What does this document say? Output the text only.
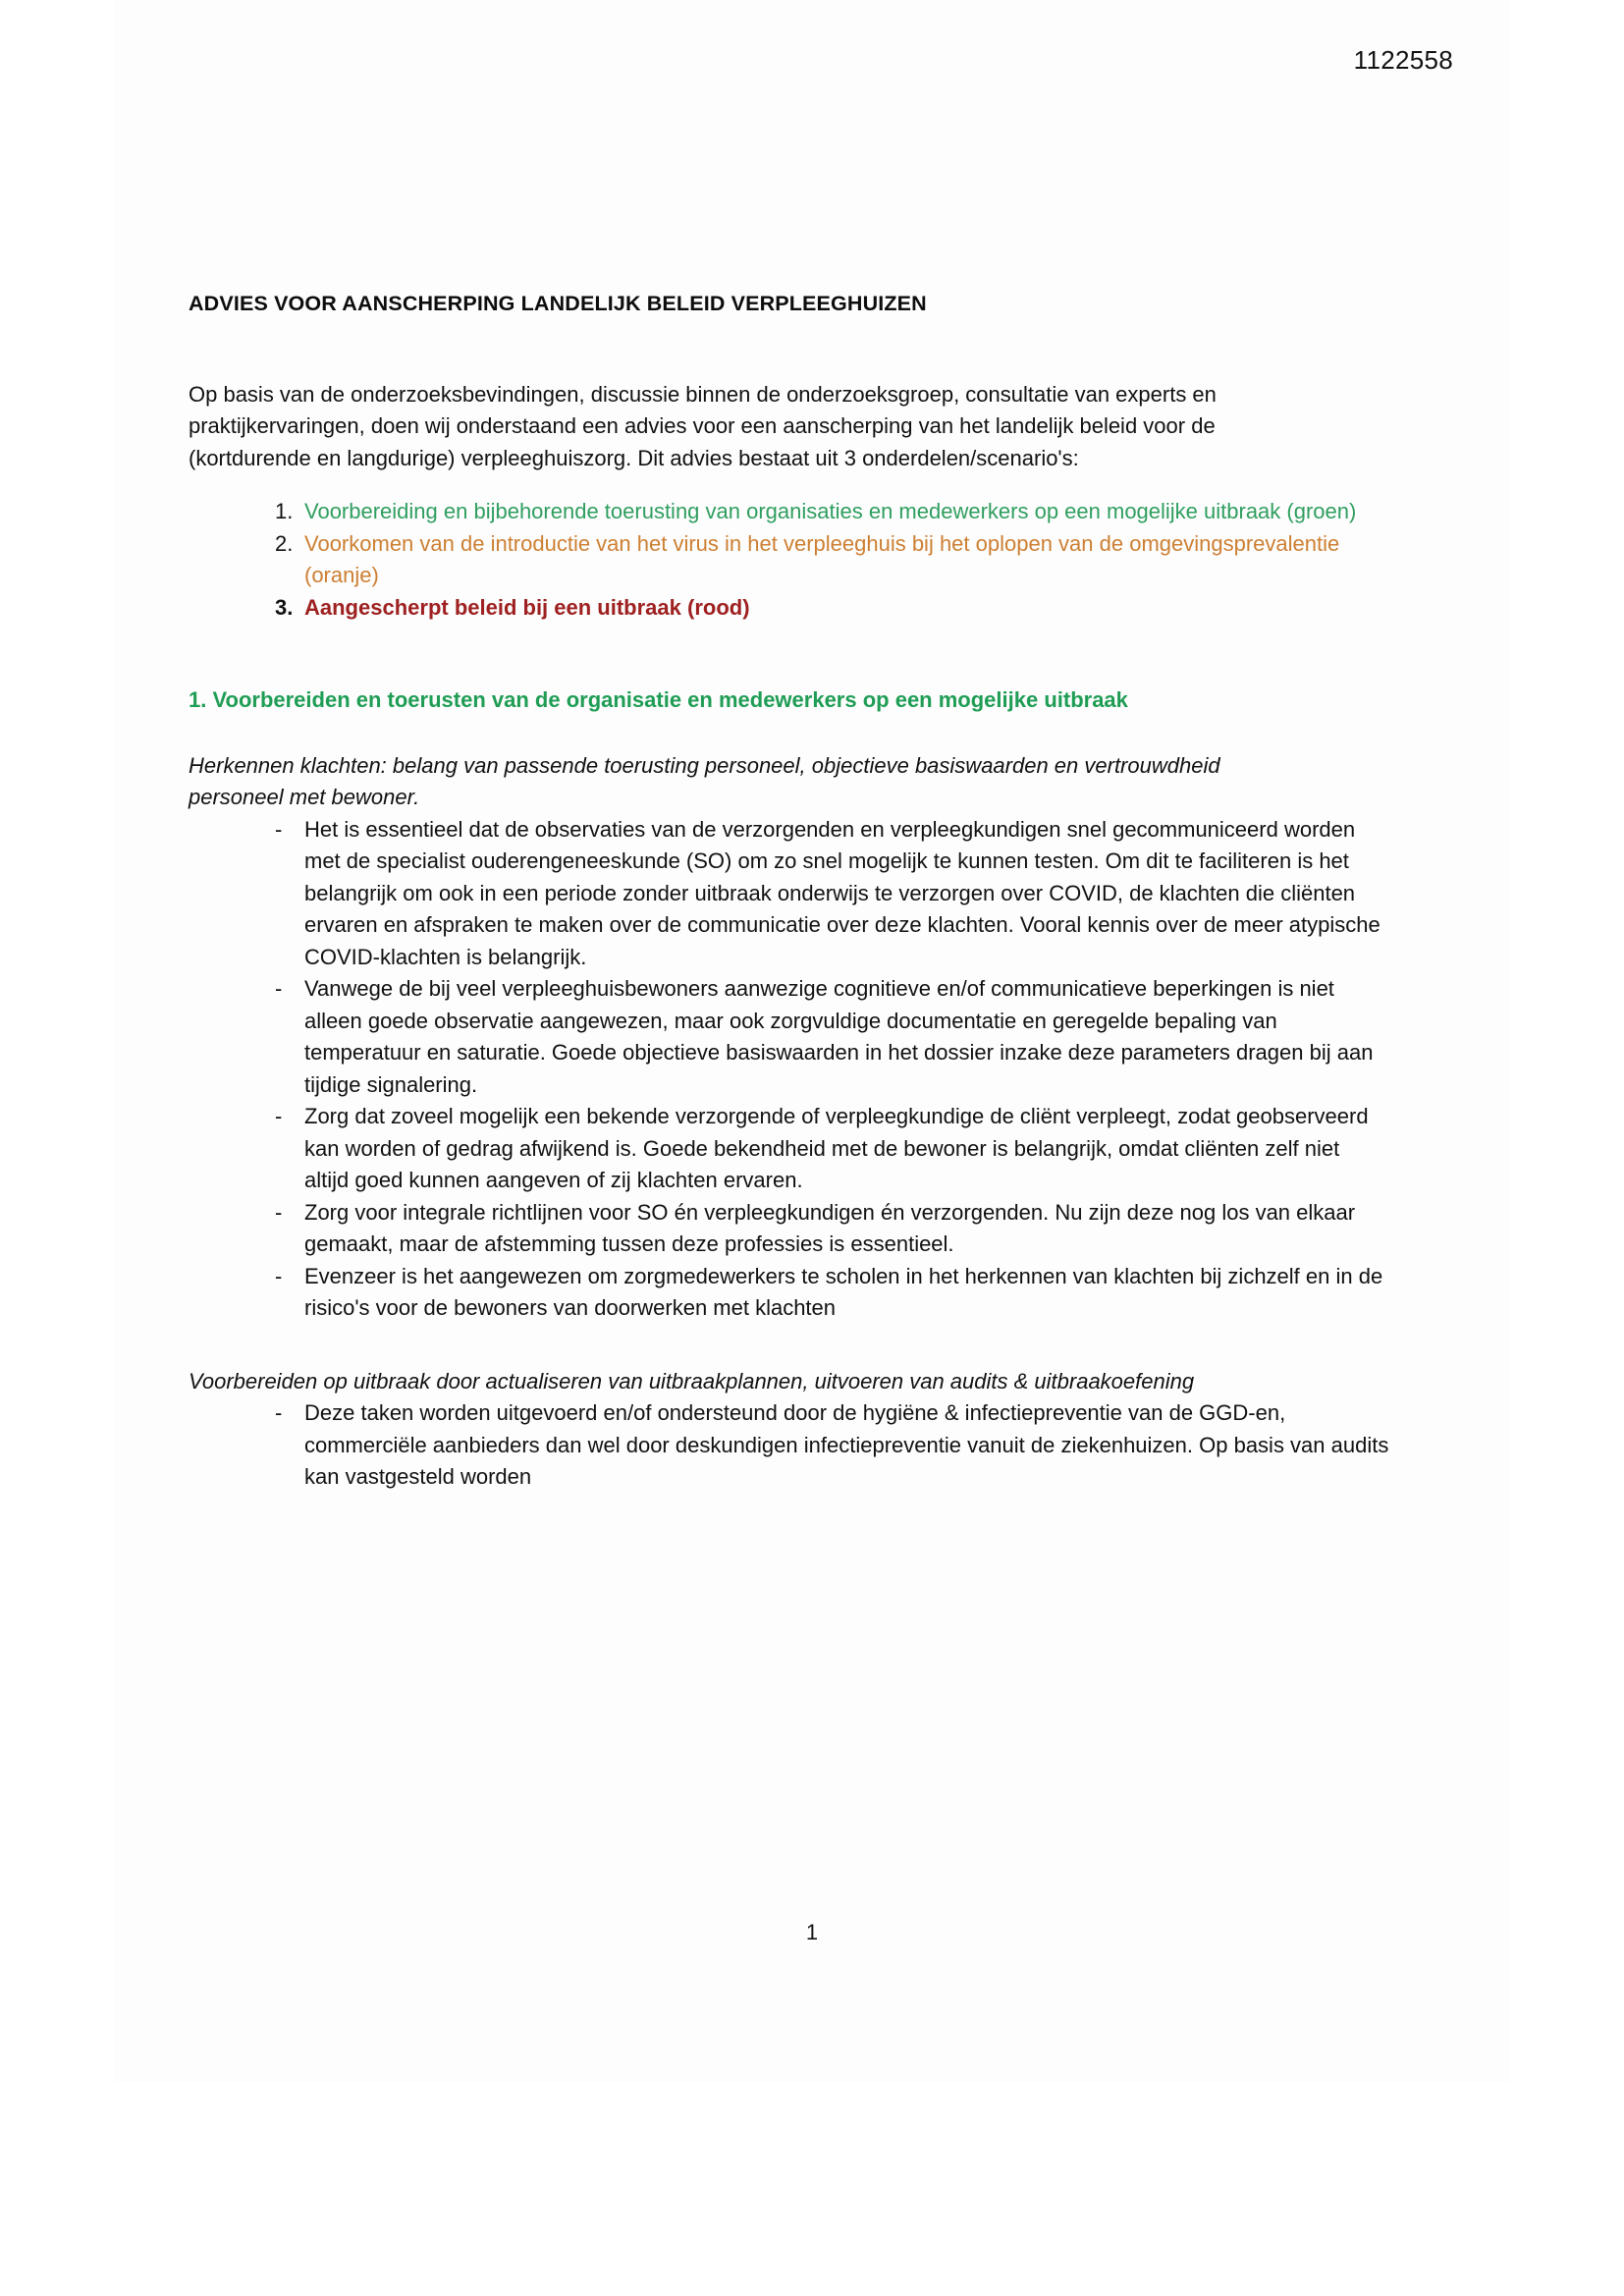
1122558
ADVIES VOOR AANSCHERPING LANDELIJK BELEID VERPLEEGHUIZEN

Op basis van de onderzoeksbevindingen, discussie binnen de onderzoeksgroep, consultatie van experts en praktijkervaringen, doen wij onderstaand een advies voor een aanscherping van het landelijk beleid voor de (kortdurende en langdurige) verpleeghuiszorg. Dit advies bestaat uit 3 onderdelen/scenario's:

Voorbereiding en bijbehorende toerusting van organisaties en medewerkers op een mogelijke uitbraak (groen)
Voorkomen van de introductie van het virus in het verpleeghuis bij het oplopen van de omgevingsprevalentie (oranje)
Aangescherpt beleid bij een uitbraak (rood)
1. Voorbereiden en toerusten van de organisatie en medewerkers op een mogelijke uitbraak

Herkennen klachten: belang van passende toerusting personeel, objectieve basiswaarden en vertrouwdheid personeel met bewoner.

- Het is essentieel dat de observaties van de verzorgenden en verpleegkundigen snel gecommuniceerd worden met de specialist ouderengeneeskunde (SO) om zo snel mogelijk te kunnen testen. Om dit te faciliteren is het belangrijk om ook in een periode zonder uitbraak onderwijs te verzorgen over COVID, de klachten die cliënten ervaren en afspraken te maken over de communicatie over deze klachten. Vooral kennis over de meer atypische COVID-klachten is belangrijk.
- Vanwege de bij veel verpleeghuisbewoners aanwezige cognitieve en/of communicatieve beperkingen is niet alleen goede observatie aangewezen, maar ook zorgvuldige documentatie en geregelde bepaling van temperatuur en saturatie. Goede objectieve basiswaarden in het dossier inzake deze parameters dragen bij aan tijdige signalering.
- Zorg dat zoveel mogelijk een bekende verzorgende of verpleegkundige de cliënt verpleegt, zodat geobserveerd kan worden of gedrag afwijkend is. Goede bekendheid met de bewoner is belangrijk, omdat cliënten zelf niet altijd goed kunnen aangeven of zij klachten ervaren.
- Zorg voor integrale richtlijnen voor SO én verpleegkundigen én verzorgenden. Nu zijn deze nog los van elkaar gemaakt, maar de afstemming tussen deze professies is essentieel.
- Evenzeer is het aangewezen om zorgmedewerkers te scholen in het herkennen van klachten bij zichzelf en in de risico's voor de bewoners van doorwerken met klachten

Voorbereiden op uitbraak door actualiseren van uitbraakplannen, uitvoeren van audits & uitbraakoefening

- Deze taken worden uitgevoerd en/of ondersteund door de hygiëne & infectiepreventie van de GGD-en, commerciële aanbieders dan wel door deskundigen infectiepreventie vanuit de ziekenhuizen. Op basis van audits kan vastgesteld worden
1
